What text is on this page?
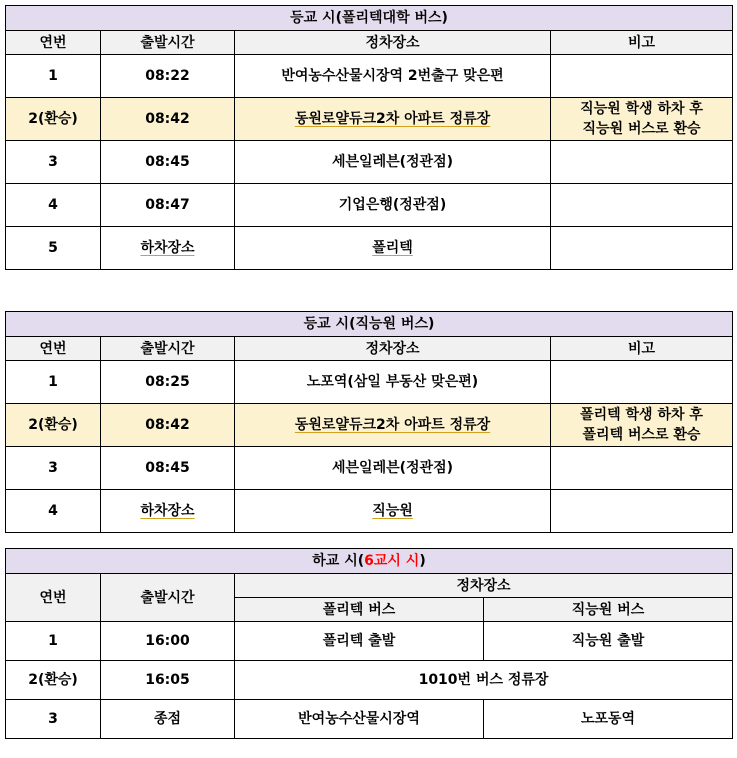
등교 시(폴리텍대학 버스)			
연번	출발시간	정차장소	비고
1	08:22	반여농수산물시장역 2번출구 맞은편	
2(환승)	08:42	동원로얄듀크2차 아파트 정류장	직능원 학생 하차 후
직능원 버스로 환승

3	08:45	세븐일레븐(정관점)	
4	08:47	기업은행(정관점)	
5	하차장소	폴리텍	
등교 시(직능원 버스)			
연번	출발시간	정차장소	비고
1	08:25	노포역(삼일 부동산 맞은편)	
2(환승)	08:42	동원로얄듀크2차 아파트 정류장	폴리텍 학생 하차 후
폴리텍 버스로 환승

3	08:45	세븐일레븐(정관점)	
4	하차장소	직능원	
하교 시(6교시 시)			
연번	출발시간	정차장소	
		폴리텍 버스	직능원 버스
1	16:00	폴리텍 출발	직능원 출발
2(환승)	16:05	1010번 버스 정류장	
3	종점	반여농수산물시장역	노포동역
